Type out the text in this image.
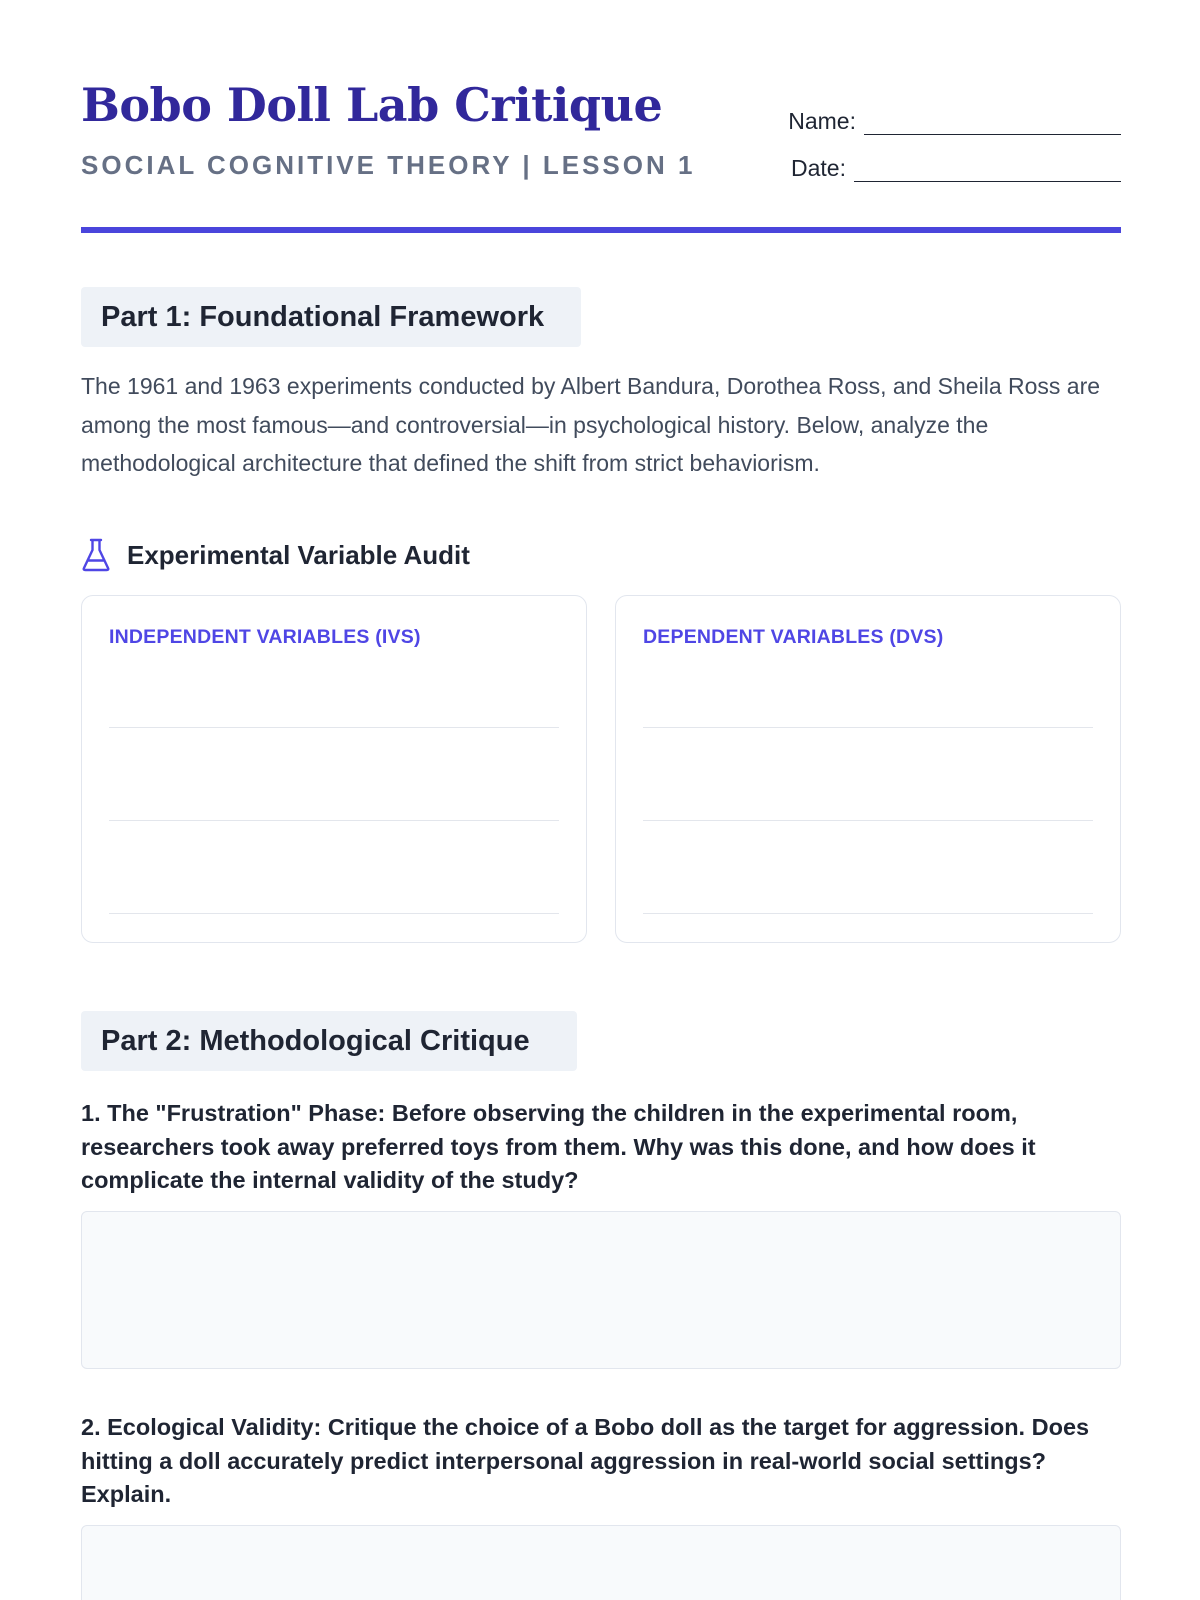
Bobo Doll Lab Critique
SOCIAL COGNITIVE THEORY | LESSON 1
Name:
Date:
Part 1: Foundational Framework

The 1961 and 1963 experiments conducted by Albert Bandura, Dorothea Ross, and Sheila Ross are among the most famous—and controversial—in psychological history. Below, analyze the methodological architecture that defined the shift from strict behaviorism.

Experimental Variable Audit
INDEPENDENT VARIABLES (IVS)	DEPENDENT VARIABLES (DVS)
Part 2: Methodological Critique
1. The "Frustration" Phase: Before observing the children in the experimental room, researchers took away preferred toys from them. Why was this done, and how does it complicate the internal validity of the study?
2. Ecological Validity: Critique the choice of a Bobo doll as the target for aggression. Does hitting a doll accurately predict interpersonal aggression in real-world social settings? Explain.
